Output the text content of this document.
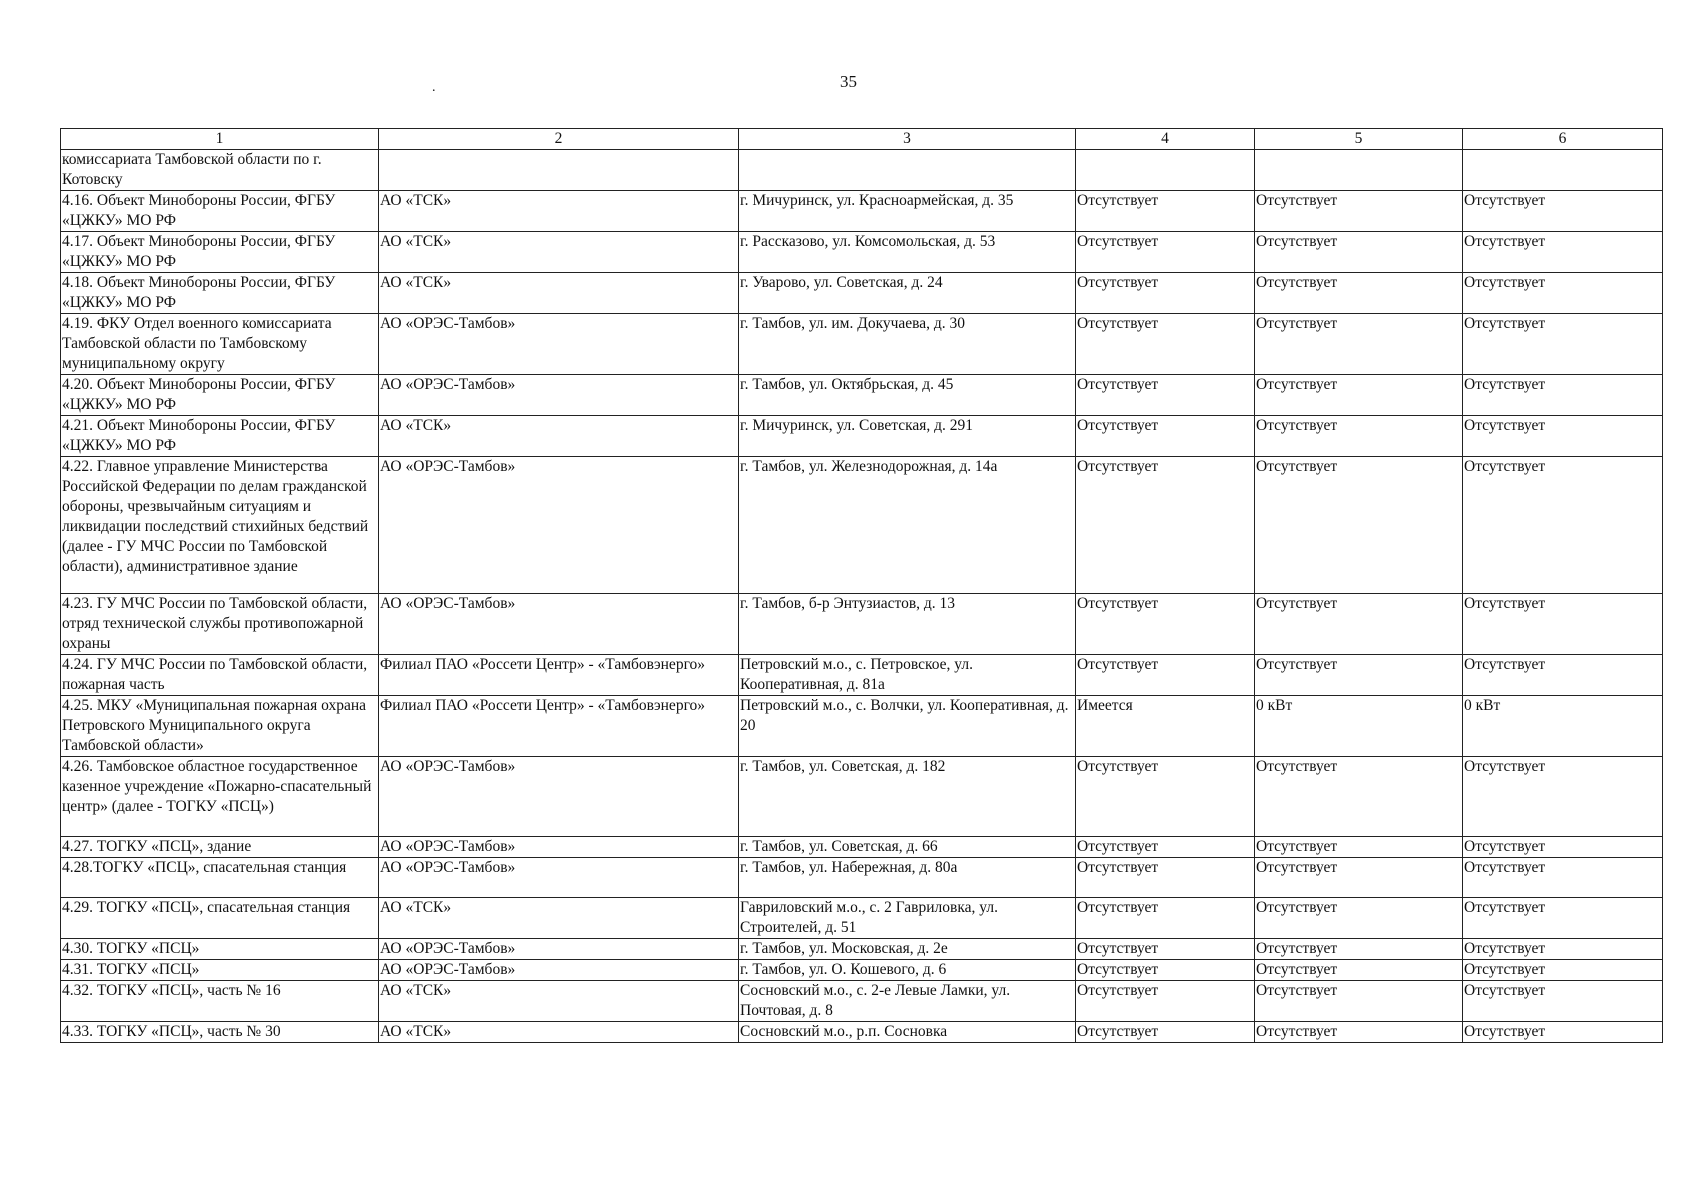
35
.
1	2	3	4	5	6
комиссариата Тамбовской области по г. Котовску					
4.16. Объект Минобороны России, ФГБУ «ЦЖКУ» МО РФ	АО «ТСК»	г. Мичуринск, ул. Красноармейская, д. 35	Отсутствует	Отсутствует	Отсутствует
4.17. Объект Минобороны России, ФГБУ «ЦЖКУ» МО РФ	АО «ТСК»	г. Рассказово, ул. Комсомольская, д. 53	Отсутствует	Отсутствует	Отсутствует
4.18. Объект Минобороны России, ФГБУ «ЦЖКУ» МО РФ	АО «ТСК»	г. Уварово, ул. Советская, д. 24	Отсутствует	Отсутствует	Отсутствует
4.19. ФКУ Отдел военного комиссариата Тамбовской области по Тамбовскому муниципальному округу	АО «ОРЭС-Тамбов»	г. Тамбов, ул. им. Докучаева, д. 30	Отсутствует	Отсутствует	Отсутствует
4.20. Объект Минобороны России, ФГБУ «ЦЖКУ» МО РФ	АО «ОРЭС-Тамбов»	г. Тамбов, ул. Октябрьская, д. 45	Отсутствует	Отсутствует	Отсутствует
4.21. Объект Минобороны России, ФГБУ «ЦЖКУ» МО РФ	АО «ТСК»	г. Мичуринск, ул. Советская, д. 291	Отсутствует	Отсутствует	Отсутствует
4.22. Главное управление Министерства Российской Федерации по делам гражданской обороны, чрезвычайным ситуациям и ликвидации последствий стихийных бедствий (далее - ГУ МЧС России по Тамбовской области), административное здание	АО «ОРЭС-Тамбов»	г. Тамбов, ул. Железнодорожная, д. 14а	Отсутствует	Отсутствует	Отсутствует
4.23. ГУ МЧС России по Тамбовской области, отряд технической службы противопожарной охраны	АО «ОРЭС-Тамбов»	г. Тамбов, б-р Энтузиастов, д. 13	Отсутствует	Отсутствует	Отсутствует
4.24. ГУ МЧС России по Тамбовской области, пожарная часть	Филиал ПАО «Россети Центр» - «Тамбовэнерго»	Петровский м.о., с. Петровское, ул. Кооперативная, д. 81а	Отсутствует	Отсутствует	Отсутствует
4.25. МКУ «Муниципальная пожарная охрана Петровского Муниципального округа Тамбовской области»	Филиал ПАО «Россети Центр» - «Тамбовэнерго»	Петровский м.о., с. Волчки, ул. Кооперативная, д. 20	Имеется	0 кВт	0 кВт
4.26. Тамбовское областное государственное казенное учреждение «Пожарно-спасательный центр» (далее - ТОГКУ «ПСЦ»)	АО «ОРЭС-Тамбов»	г. Тамбов, ул. Советская, д. 182	Отсутствует	Отсутствует	Отсутствует
4.27. ТОГКУ «ПСЦ», здание	АО «ОРЭС-Тамбов»	г. Тамбов, ул. Советская, д. 66	Отсутствует	Отсутствует	Отсутствует
4.28.ТОГКУ «ПСЦ», спасательная станция	АО «ОРЭС-Тамбов»	г. Тамбов, ул. Набережная, д. 80а	Отсутствует	Отсутствует	Отсутствует
4.29. ТОГКУ «ПСЦ», спасательная станция	АО «ТСК»	Гавриловский м.о., с. 2 Гавриловка, ул. Строителей, д. 51	Отсутствует	Отсутствует	Отсутствует
4.30. ТОГКУ «ПСЦ»	АО «ОРЭС-Тамбов»	г. Тамбов, ул. Московская, д. 2е	Отсутствует	Отсутствует	Отсутствует
4.31. ТОГКУ «ПСЦ»	АО «ОРЭС-Тамбов»	г. Тамбов, ул. О. Кошевого, д. 6	Отсутствует	Отсутствует	Отсутствует
4.32. ТОГКУ «ПСЦ», часть № 16	АО «ТСК»	Сосновский м.о., с. 2-е Левые Ламки, ул. Почтовая, д. 8	Отсутствует	Отсутствует	Отсутствует
4.33. ТОГКУ «ПСЦ», часть № 30	АО «ТСК»	Сосновский м.о., р.п. Сосновка	Отсутствует	Отсутствует	Отсутствует
